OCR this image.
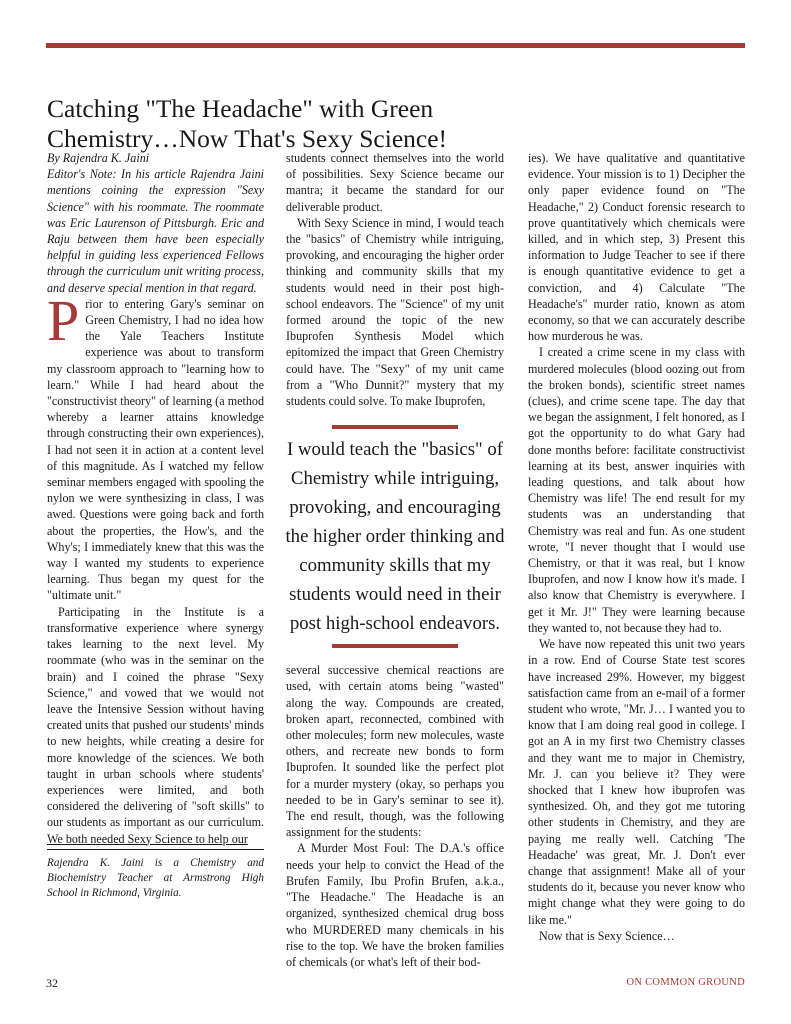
Catching "The Headache" with Green
Chemistry…Now That's Sexy Science!

By Rajendra K. Jaini

Editor's Note: In his article Rajendra Jaini mentions coining the expression "Sexy Science" with his roommate. The roommate was Eric Laurenson of Pittsburgh. Eric and Raju between them have been especially helpful in guiding less experienced Fellows through the curriculum unit writing process, and deserve special mention in that regard.

Prior to entering Gary's seminar on Green Chemistry, I had no idea how the Yale Teachers Institute experience was about to transform my classroom approach to "learning how to learn." While I had heard about the "constructivist theory" of learning (a method whereby a learner attains knowledge through constructing their own experiences), I had not seen it in action at a content level of this magnitude. As I watched my fellow seminar members engaged with spooling the nylon we were synthesizing in class, I was awed. Questions were going back and forth about the properties, the How's, and the Why's; I immediately knew that this was the way I wanted my students to experience learning. Thus began my quest for the "ultimate unit."

Participating in the Institute is a transformative experience where synergy takes learning to the next level. My roommate (who was in the seminar on the brain) and I coined the phrase "Sexy Science," and vowed that we would not leave the Intensive Session without having created units that pushed our students' minds to new heights, while creating a desire for more knowledge of the sciences. We both taught in urban schools where students' experiences were limited, and both considered the delivering of "soft skills" to our students as important as our curriculum. We both needed Sexy Science to help our

Rajendra K. Jaini is a Chemistry and Biochemistry Teacher at Armstrong High School in Richmond, Virginia.

students connect themselves into the world of possibilities. Sexy Science became our mantra; it became the standard for our deliverable product.

With Sexy Science in mind, I would teach the "basics" of Chemistry while intriguing, provoking, and encouraging the higher order thinking and community skills that my students would need in their post high-school endeavors. The "Science" of my unit formed around the topic of the new Ibuprofen Synthesis Model which epitomized the impact that Green Chemistry could have. The "Sexy" of my unit came from a "Who Dunnit?" mystery that my students could solve. To make Ibuprofen,

I would teach the "basics" of Chemistry while intriguing, provoking, and encouraging the higher order thinking and community skills that my students would need in their post high-school endeavors.

several successive chemical reactions are used, with certain atoms being "wasted" along the way. Compounds are created, broken apart, reconnected, combined with other molecules; form new molecules, waste others, and recreate new bonds to form Ibuprofen. It sounded like the perfect plot for a murder mystery (okay, so perhaps you needed to be in Gary's seminar to see it). The end result, though, was the following assignment for the students:

A Murder Most Foul: The D.A.'s office needs your help to convict the Head of the Brufen Family, Ibu Profin Brufen, a.k.a., "The Headache." The Headache is an organized, synthesized chemical drug boss who MURDERED many chemicals in his rise to the top. We have the broken families of chemicals (or what's left of their bod-

ies). We have qualitative and quantitative evidence. Your mission is to 1) Decipher the only paper evidence found on "The Headache," 2) Conduct forensic research to prove quantitatively which chemicals were killed, and in which step, 3) Present this information to Judge Teacher to see if there is enough quantitative evidence to get a conviction, and 4) Calculate "The Headache's" murder ratio, known as atom economy, so that we can accurately describe how murderous he was.

I created a crime scene in my class with murdered molecules (blood oozing out from the broken bonds), scientific street names (clues), and crime scene tape. The day that we began the assignment, I felt honored, as I got the opportunity to do what Gary had done months before: facilitate constructivist learning at its best, answer inquiries with leading questions, and talk about how Chemistry was life! The end result for my students was an understanding that Chemistry was real and fun. As one student wrote, "I never thought that I would use Chemistry, or that it was real, but I know Ibuprofen, and now I know how it's made. I also know that Chemistry is everywhere. I get it Mr. J!" They were learning because they wanted to, not because they had to.

We have now repeated this unit two years in a row. End of Course State test scores have increased 29%. However, my biggest satisfaction came from an e-mail of a former student who wrote, "Mr. J… I wanted you to know that I am doing real good in college. I got an A in my first two Chemistry classes and they want me to major in Chemistry, Mr. J. can you believe it? They were shocked that I knew how ibuprofen was synthesized. Oh, and they got me tutoring other students in Chemistry, and they are paying me really well. Catching 'The Headache' was great, Mr. J. Don't ever change that assignment! Make all of your students do it, because you never know who might change what they were going to do like me."

Now that is Sexy Science…

32	ON COMMON GROUND
